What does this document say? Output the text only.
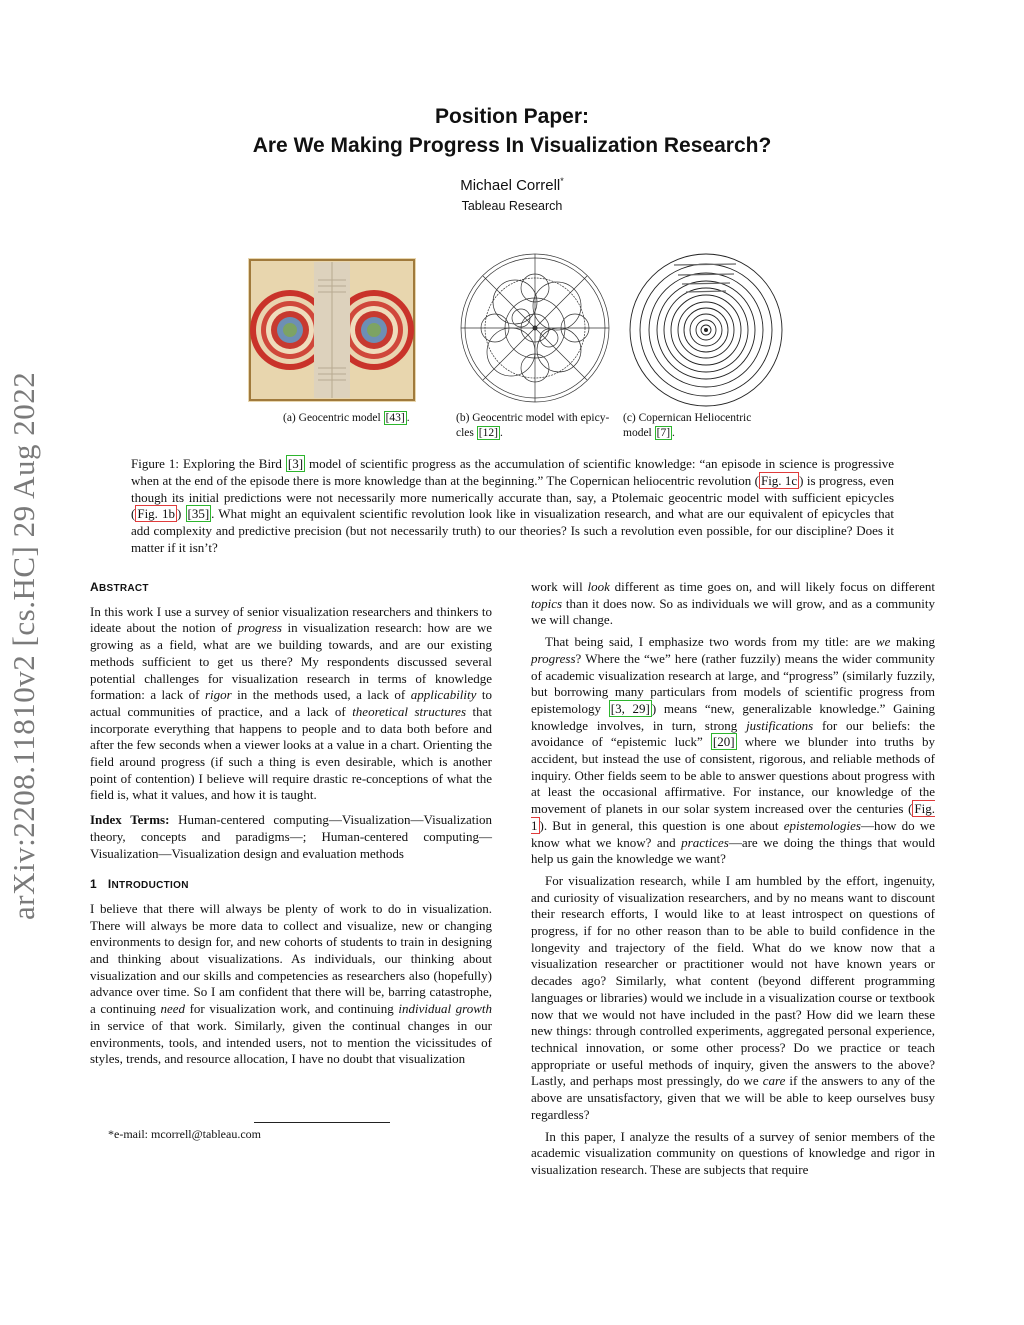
arXiv:2208.11810v2 [cs.HC] 29 Aug 2022
Position Paper:
Are We Making Progress In Visualization Research?
Michael Correll*
Tableau Research
(a) Geocentric model [43] .	(b) Geocentric model with epicy-cles [12] .
(c) Copernican Heliocentric model [7] .
Figure 1: Exploring the Bird [3] model of scientific progress as the accumulation of scientific knowledge: “an episode in science is progressive when at the end of the episode there is more knowledge than at the beginning.” The Copernican heliocentric revolution ( Fig. 1c ) is progress, even though its initial predictions were not necessarily more numerically accurate than, say, a Ptolemaic geocentric model with sufficient epicycles ( Fig. 1b ) [35] . What might an equivalent scientific revolution look like in visualization research, and what are our equivalent of epicycles that add complexity and predictive precision (but not necessarily truth) to our theories? Is such a revolution even possible, for our discipline? Does it matter if it isn’t?
ABSTRACT

In this work I use a survey of senior visualization researchers and thinkers to ideate about the notion of progress in visualization research: how are we growing as a field, what are we building towards, and are our existing methods sufficient to get us there? My respondents discussed several potential challenges for visualization research in terms of knowledge formation: a lack of rigor in the methods used, a lack of applicability to actual communities of practice, and a lack of theoretical structures that incorporate everything that happens to people and to data both before and after the few seconds when a viewer looks at a value in a chart. Orienting the field around progress (if such a thing is even desirable, which is another point of contention) I believe will require drastic re-conceptions of what the field is, what it values, and how it is taught.

Index Terms: Human-centered computing—Visualization—Visualization theory, concepts and paradigms—; Human-centered computing—Visualization—Visualization design and evaluation methods

1 INTRODUCTION

I believe that there will always be plenty of work to do in visualization. There will always be more data to collect and visualize, new or changing environments to design for, and new cohorts of students to train in designing and thinking about visualizations. As individuals, our thinking about visualization and our skills and competencies as researchers also (hopefully) advance over time. So I am confident that there will be, barring catastrophe, a continuing need for visualization work, and continuing individual growth in service of that work. Similarly, given the continual changes in our environments, tools, and intended users, not to mention the vicissitudes of styles, trends, and resource allocation, I have no doubt that visualization

*e-mail: mcorrell@tableau.com

work will look different as time goes on, and will likely focus on different topics than it does now. So as individuals we will grow, and as a community we will change.

That being said, I emphasize two words from my title: are we making progress? Where the “we” here (rather fuzzily) means the wider community of academic visualization research at large, and “progress” (similarly fuzzily, but borrowing many particulars from models of scientific progress from epistemology [3, 29] ) means “new, generalizable knowledge.” Gaining knowledge involves, in turn, strong justifications for our beliefs: the avoidance of “epistemic luck” [20] where we blunder into truths by accident, but instead the use of consistent, rigorous, and reliable methods of inquiry. Other fields seem to be able to answer questions about progress with at least the occasional affirmative. For instance, our knowledge of the movement of planets in our solar system increased over the centuries ( Fig. 1 ). But in general, this question is one about epistemologies—how do we know what we know? and practices—are we doing the things that would help us gain the knowledge we want?

For visualization research, while I am humbled by the effort, ingenuity, and curiosity of visualization researchers, and by no means want to discount their research efforts, I would like to at least introspect on questions of progress, if for no other reason than to be able to build confidence in the longevity and trajectory of the field. What do we know now that a visualization researcher or practitioner would not have known years or decades ago? Similarly, what content (beyond different programming languages or libraries) would we include in a visualization course or textbook now that we would not have included in the past? How did we learn these new things: through controlled experiments, aggregated personal experience, technical innovation, or some other process? Do we practice or teach appropriate or useful methods of inquiry, given the answers to the above? Lastly, and perhaps most pressingly, do we care if the answers to any of the above are unsatisfactory, given that we will be able to keep ourselves busy regardless?

In this paper, I analyze the results of a survey of senior members of the academic visualization community on questions of knowledge and rigor in visualization research. These are subjects that require
